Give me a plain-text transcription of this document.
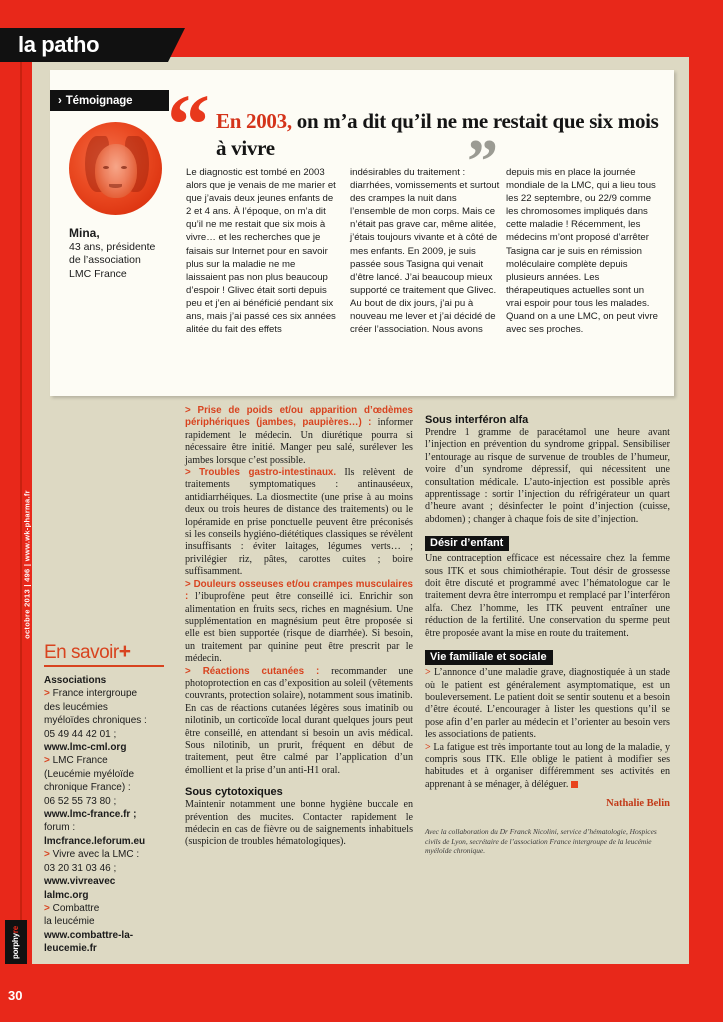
octobre 2013 | 496 | www.wk-pharma.fr
porphyre
30
la patho
› Témoignage
Mina,
43 ans, présidente
de l’association
LMC France
“ En 2003, on m’a dit qu’il ne me restait que six mois à vivre	”
Le diagnostic est tombé en 2003 alors que je venais de me marier et que j’avais deux jeunes enfants de 2 et 4 ans. À l’époque, on m’a dit qu’il ne me restait que six mois à vivre… et les recherches que je faisais sur Internet pour en savoir plus sur la maladie ne me laissaient pas non plus beaucoup d’espoir ! Glivec était sorti depuis peu et j’en ai bénéficié pendant six ans, mais j’ai passé ces six années alitée du fait des effets
indésirables du traitement : diarrhées, vomissements et surtout des crampes la nuit dans l’ensemble de mon corps. Mais ce n’était pas grave car, même alitée, j’étais toujours vivante et à côté de mes enfants. En 2009, je suis passée sous Tasigna qui venait d’être lancé. J’ai beaucoup mieux supporté ce traitement que Glivec. Au bout de dix jours, j’ai pu à nouveau me lever et j’ai décidé de créer l’association. Nous avons
depuis mis en place la journée mondiale de la LMC, qui a lieu tous les 22 septembre, ou 22/9 comme les chromosomes impliqués dans cette maladie ! Récemment, les médecins m’ont proposé d’arrêter Tasigna car je suis en rémission moléculaire complète depuis plusieurs années. Les thérapeutiques actuelles sont un vrai espoir pour tous les malades. Quand on a une LMC, on peut vivre avec ses proches.

> Prise de poids et/ou apparition d’œdèmes périphériques (jambes, paupières…) : informer rapidement le médecin. Un diurétique pourra si nécessaire être initié. Manger peu salé, surélever les jambes lorsque c’est possible.

> Troubles gastro-intestinaux. Ils relèvent de traitements symptomatiques : antinauséeux, antidiarrhéiques. La diosmectite (une prise à au moins deux ou trois heures de distance des traitements) ou le lopéramide en prise ponctuelle peuvent être préconisés si les conseils hygiéno-diététiques classiques se révèlent insuffisants : éviter laitages, légumes verts… ; privilégier riz, pâtes, carottes cuites ; boire suffisamment.

> Douleurs osseuses et/ou crampes musculaires : l’ibuprofène peut être conseillé ici. Enrichir son alimentation en fruits secs, riches en magnésium. Une supplémentation en magnésium peut être proposée si elle est bien supportée (risque de diarrhée). Si besoin, un traitement par quinine peut être prescrit par le médecin.

> Réactions cutanées : recommander une photoprotection en cas d’exposition au soleil (vêtements couvrants, protection solaire), notamment sous imatinib.

En cas de réactions cutanées légères sous imatinib ou nilotinib, un corticoïde local durant quelques jours peut être conseillé, en attendant si besoin un avis médical. Sous nilotinib, un prurit, fréquent en début de traitement, peut être calmé par l’application d’un émollient et la prise d’un anti-H1 oral.

Sous cytotoxiques

Maintenir notamment une bonne hygiène buccale en prévention des mucites. Contacter rapidement le médecin en cas de fièvre ou de saignements inhabituels (suspicion de troubles hématologiques).

Sous interféron alfa

Prendre 1 gramme de paracétamol une heure avant l’injection en prévention du syndrome grippal. Sensibiliser l’entourage au risque de survenue de troubles de l’humeur, voire d’un syndrome dépressif, qui nécessitent une consultation médicale. L’auto-injection est possible après apprentissage : sortir l’injection du réfrigérateur un quart d’heure avant ; désinfecter le point d’injection (cuisse, abdomen) ; changer à chaque fois de site d’injection.

Désir d’enfant

Une contraception efficace est nécessaire chez la femme sous ITK et sous chimiothérapie. Tout désir de grossesse doit être discuté et programmé avec l’hématologue car le traitement devra être interrompu et remplacé par l’interféron alfa. Chez l’homme, les ITK peuvent entraîner une réduction de la fertilité. Une conservation du sperme peut être proposée avant la mise en route du traitement.

Vie familiale et sociale

> L’annonce d’une maladie grave, diagnostiquée à un stade où le patient est généralement asymptomatique, est un bouleversement. Le patient doit se sentir soutenu et a besoin d’être écouté. L’encourager à lister les questions qu’il se pose afin d’en parler au médecin et l’orienter au besoin vers les associations de patients.

> La fatigue est très importante tout au long de la maladie, y compris sous ITK. Elle oblige le patient à modifier ses habitudes et à organiser différemment ses activités en apprenant à se ménager, à déléguer.

Nathalie Belin
Avec la collaboration du Dr Franck Nicolini, service d’hématologie, Hospices civils de Lyon, secrétaire de l’association France intergroupe de la leucémie myéloïde chronique.
En savoir+
Associations
> France intergroupe
des leucémies
myéloïdes chroniques :
05 49 44 42 01 ;
www.lmc-cml.org

> LMC France
(Leucémie myéloïde
chronique France) :
06 52 55 73 80 ;
www.lmc-france.fr ;

forum :
lmcfrance.leforum.eu

> Vivre avec la LMC :
03 20 31 03 46 ;
www.vivreavec
lalmc.org

> Combattre
la leucémie
www.combattre-la-
leucemie.fr
